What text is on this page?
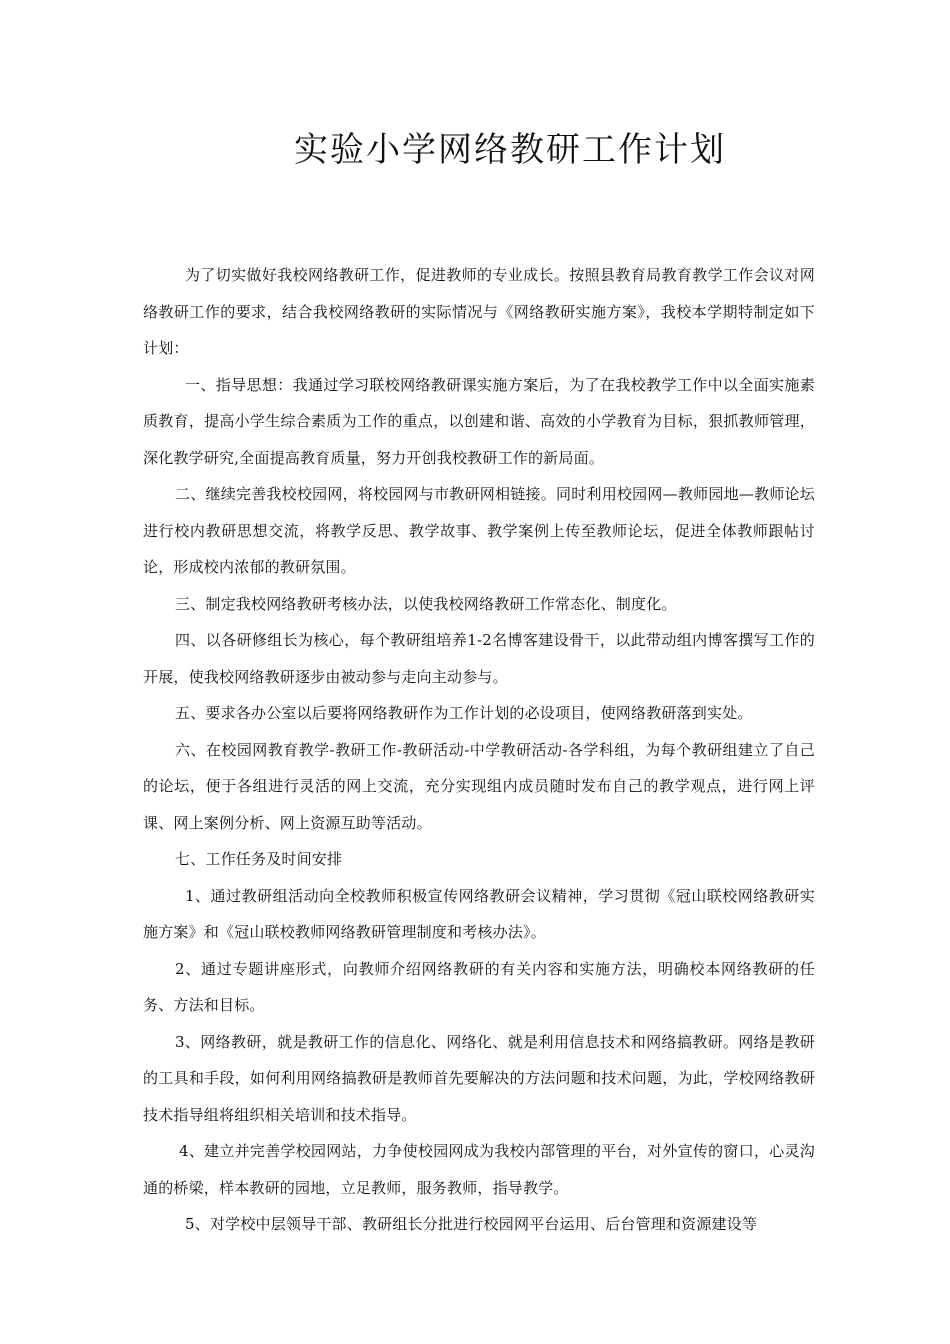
实验小学网络教研工作计划

为了切实做好我校网络教研工作，促进教师的专业成长。按照县教育局教育教学工作会议对网络教研工作的要求，结合我校网络教研的实际情况与《网络教研实施方案》，我校本学期特制定如下计划：

一、指导思想：我通过学习联校网络教研课实施方案后，为了在我校教学工作中以全面实施素质教育，提高小学生综合素质为工作的重点，以创建和谐、高效的小学教育为目标，狠抓教师管理，深化教学研究,全面提高教育质量，努力开创我校教研工作的新局面。

二、继续完善我校校园网，将校园网与市教研网相链接。同时利用校园网—教师园地—教师论坛进行校内教研思想交流，将教学反思、教学故事、教学案例上传至教师论坛，促进全体教师跟帖讨论，形成校内浓郁的教研氛围。

三、制定我校网络教研考核办法，以使我校网络教研工作常态化、制度化。

四、以各研修组长为核心，每个教研组培养1-2名博客建设骨干，以此带动组内博客撰写工作的开展，使我校网络教研逐步由被动参与走向主动参与。

五、要求各办公室以后要将网络教研作为工作计划的必设项目，使网络教研落到实处。

六、在校园网教育教学-教研工作-教研活动-中学教研活动-各学科组，为每个教研组建立了自己的论坛，便于各组进行灵活的网上交流，充分实现组内成员随时发布自己的教学观点，进行网上评课、网上案例分析、网上资源互助等活动。

七、工作任务及时间安排

1、通过教研组活动向全校教师积极宣传网络教研会议精神，学习贯彻《冠山联校网络教研实施方案》和《冠山联校教师网络教研管理制度和考核办法》。

2、通过专题讲座形式，向教师介绍网络教研的有关内容和实施方法，明确校本网络教研的任务、方法和目标。

3、网络教研，就是教研工作的信息化、网络化、就是利用信息技术和网络搞教研。网络是教研的工具和手段，如何利用网络搞教研是教师首先要解决的方法问题和技术问题，为此，学校网络教研技术指导组将组织相关培训和技术指导。

4、建立并完善学校园网站，力争使校园网成为我校内部管理的平台，对外宣传的窗口，心灵沟通的桥梁，样本教研的园地，立足教师，服务教师，指导教学。

5、对学校中层领导干部、教研组长分批进行校园网平台运用、后台管理和资源建设等
